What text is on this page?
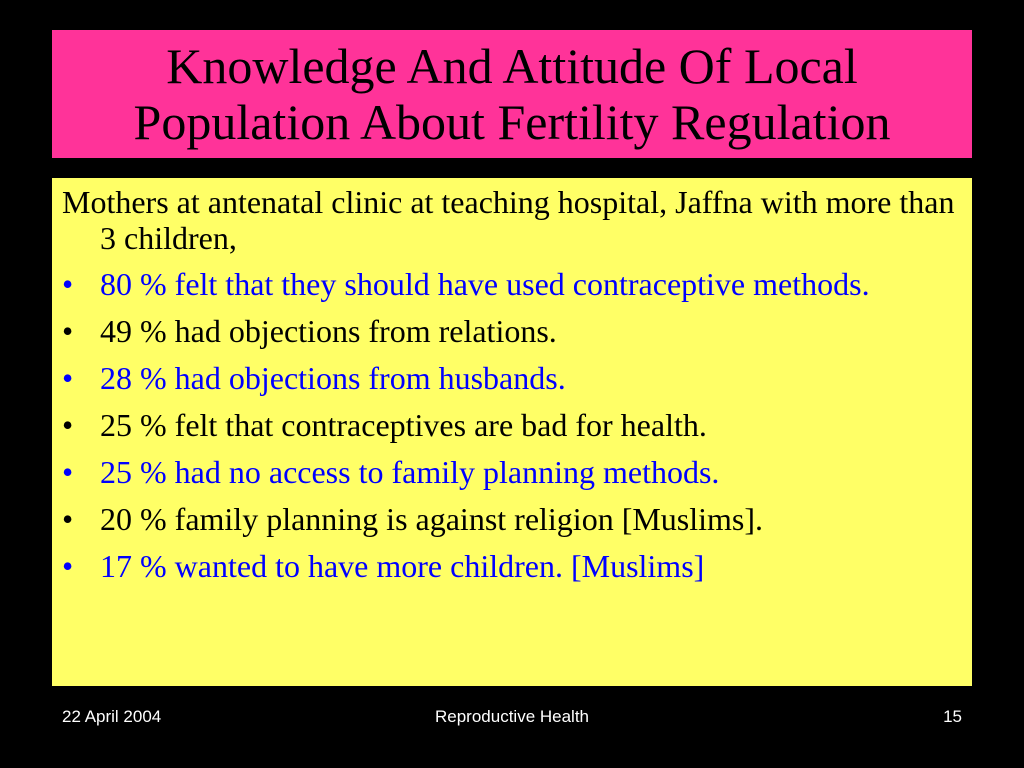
Knowledge And Attitude Of Local
Population About Fertility Regulation
Mothers at antenatal clinic at teaching hospital, Jaffna with more than 3 children,
• 80 % felt that they should have used contraceptive methods.
• 49 % had objections from relations.
• 28 % had objections from husbands.
• 25 % felt that contraceptives are bad for health.
• 25 % had no access to family planning methods.
• 20 % family planning is against religion [Muslims].
• 17 % wanted to have more children. [Muslims]
22 April 2004	Reproductive Health	15
